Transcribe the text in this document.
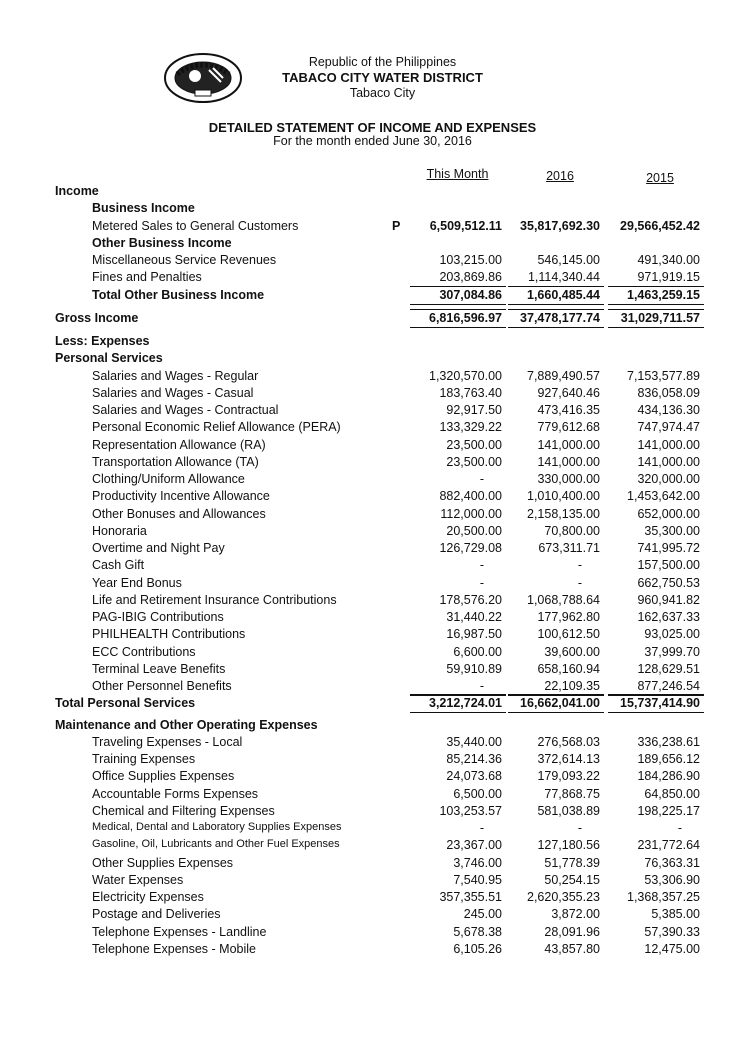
Republic of the Philippines
TABACO CITY WATER DISTRICT
Tabaco City
DETAILED STATEMENT OF INCOME AND EXPENSES
For the month ended June 30, 2016
This Month	2016	2015
Income
Business Income
Metered Sales to General Customers	P	6,509,512.11	35,817,692.30	29,566,452.42
Other Business Income
Miscellaneous Service Revenues	103,215.00	546,145.00	491,340.00
Fines and Penalties	203,869.86	1,114,340.44	971,919.15
Total Other Business Income	307,084.86	1,660,485.44	1,463,259.15
Gross Income	6,816,596.97	37,478,177.74	31,029,711.57
Less: Expenses
Personal Services
Salaries and Wages - Regular	1,320,570.00	7,889,490.57	7,153,577.89
Salaries and Wages - Casual	183,763.40	927,640.46	836,058.09
Salaries and Wages - Contractual	92,917.50	473,416.35	434,136.30
Personal Economic Relief Allowance (PERA)	133,329.22	779,612.68	747,974.47
Representation Allowance (RA)	23,500.00	141,000.00	141,000.00
Transportation Allowance (TA)	23,500.00	141,000.00	141,000.00
Clothing/Uniform Allowance	-	330,000.00	320,000.00
Productivity Incentive Allowance	882,400.00	1,010,400.00	1,453,642.00
Other Bonuses and Allowances	112,000.00	2,158,135.00	652,000.00
Honoraria	20,500.00	70,800.00	35,300.00
Overtime and Night Pay	126,729.08	673,311.71	741,995.72
Cash Gift	-	-	157,500.00
Year End Bonus	-	-	662,750.53
Life and Retirement Insurance Contributions	178,576.20	1,068,788.64	960,941.82
PAG-IBIG Contributions	31,440.22	177,962.80	162,637.33
PHILHEALTH Contributions	16,987.50	100,612.50	93,025.00
ECC Contributions	6,600.00	39,600.00	37,999.70
Terminal Leave Benefits	59,910.89	658,160.94	128,629.51
Other Personnel Benefits	-	22,109.35	877,246.54
Total Personal Services	3,212,724.01	16,662,041.00	15,737,414.90
Maintenance and Other Operating Expenses
Traveling Expenses - Local	35,440.00	276,568.03	336,238.61
Training Expenses	85,214.36	372,614.13	189,656.12
Office Supplies Expenses	24,073.68	179,093.22	184,286.90
Accountable Forms Expenses	6,500.00	77,868.75	64,850.00
Chemical and Filtering Expenses	103,253.57	581,038.89	198,225.17
Medical, Dental and Laboratory Supplies Expenses	-	-	-
Gasoline, Oil, Lubricants and Other Fuel Expenses	23,367.00	127,180.56	231,772.64
Other Supplies Expenses	3,746.00	51,778.39	76,363.31
Water Expenses	7,540.95	50,254.15	53,306.90
Electricity Expenses	357,355.51	2,620,355.23	1,368,357.25
Postage and Deliveries	245.00	3,872.00	5,385.00
Telephone Expenses - Landline	5,678.38	28,091.96	57,390.33
Telephone Expenses - Mobile	6,105.26	43,857.80	12,475.00
